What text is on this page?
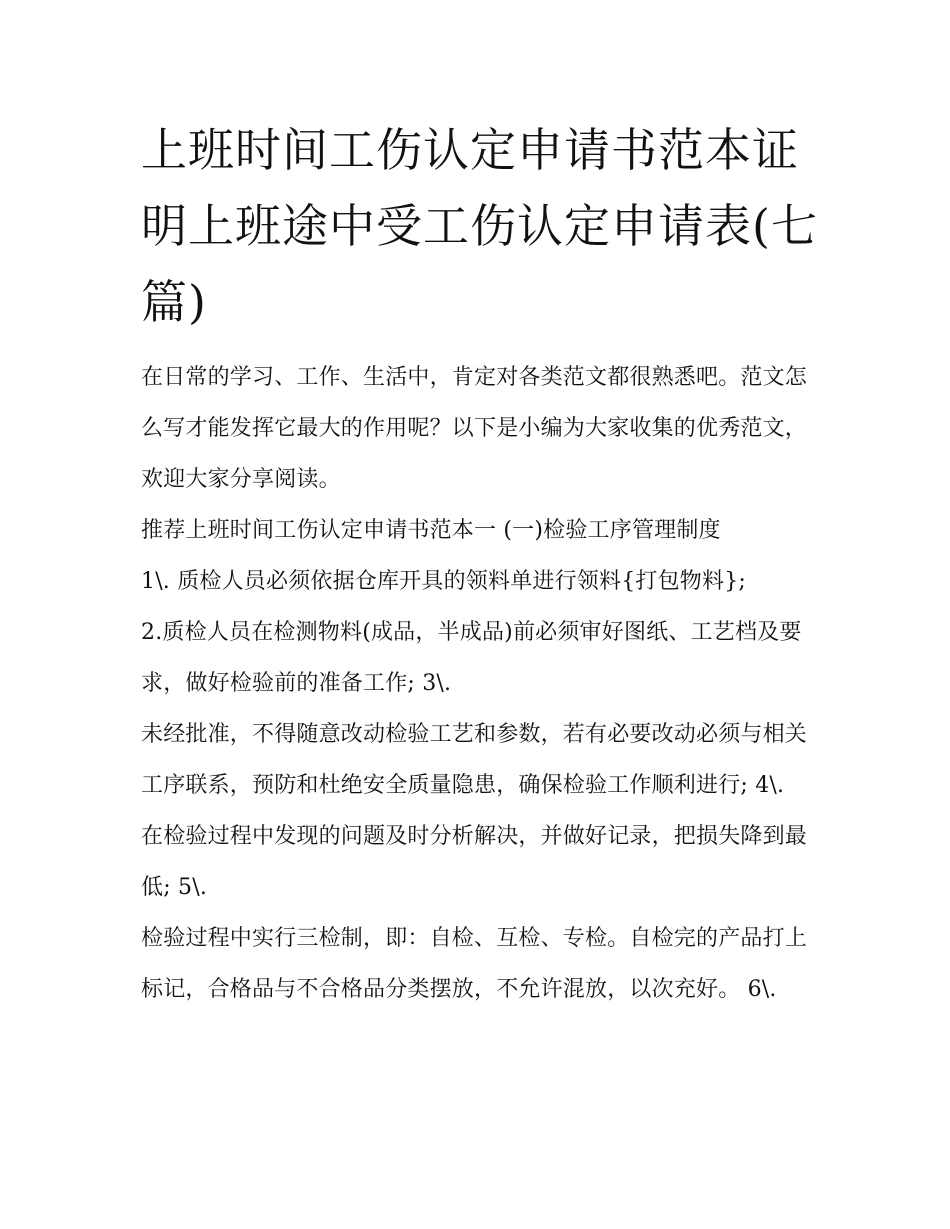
上班时间工伤认定申请书范本证明上班途中受工伤认定申请表(七篇)

在日常的学习、工作、生活中，肯定对各类范文都很熟悉吧。范文怎么写才能发挥它最大的作用呢？以下是小编为大家收集的优秀范文，欢迎大家分享阅读。

推荐上班时间工伤认定申请书范本一 (一)检验工序管理制度

1\. 质检人员必须依据仓库开具的领料单进行领料{打包物料};

2.质检人员在检测物料(成品，半成品)前必须审好图纸、工艺档及要求，做好检验前的准备工作; 3\.

未经批准，不得随意改动检验工艺和参数，若有必要改动必须与相关工序联系，预防和杜绝安全质量隐患，确保检验工作顺利进行; 4\.

在检验过程中发现的问题及时分析解决，并做好记录，把损失降到最低; 5\.

检验过程中实行三检制，即：自检、互检、专检。自检完的产品打上标记，合格品与不合格品分类摆放，不允许混放，以次充好。 6\.
